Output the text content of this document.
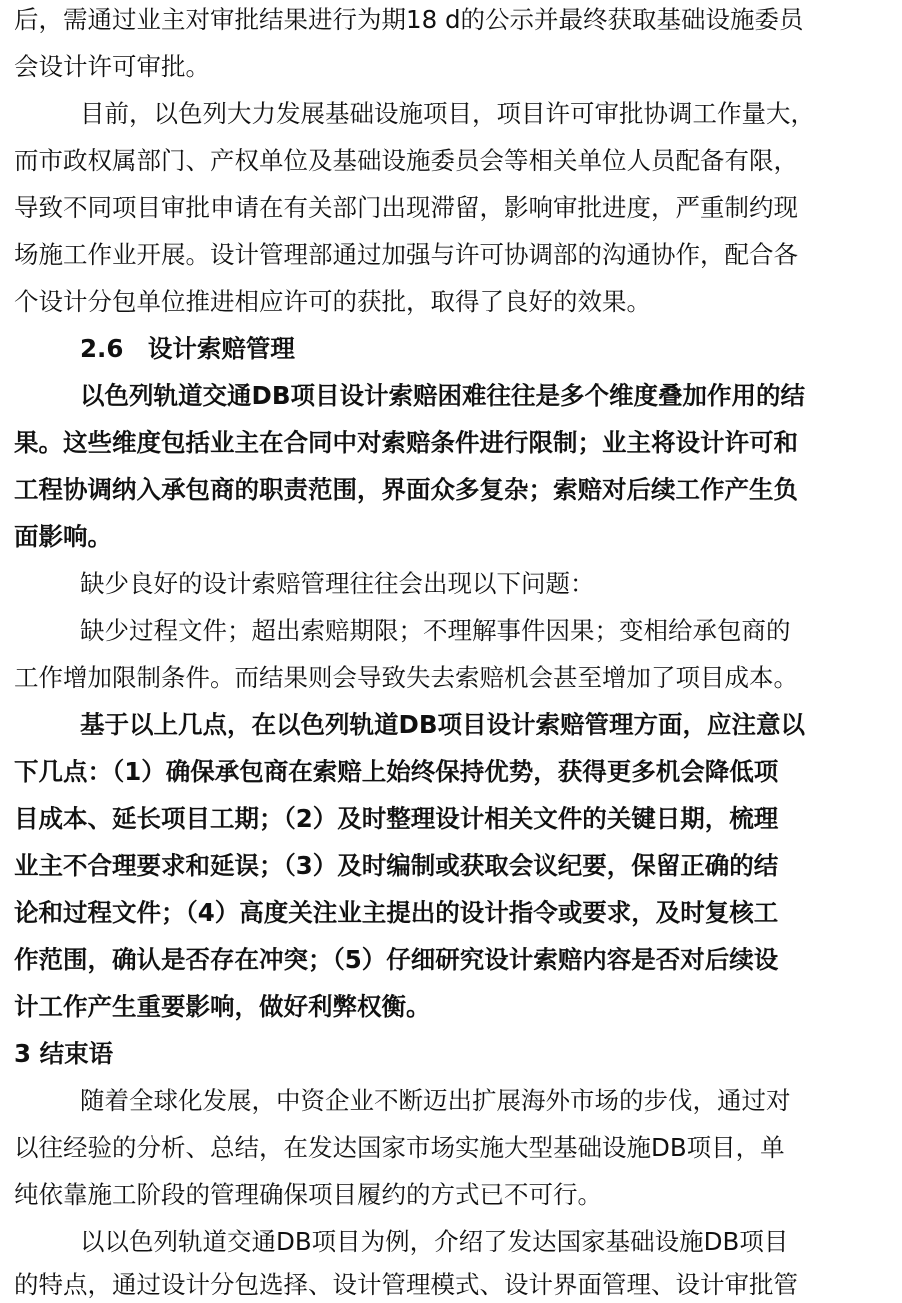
后，需通过业主对审批结果进行为期18 d的公示并最终获取基础设施委员
会设计许可审批。
目前，以色列大力发展基础设施项目，项目许可审批协调工作量大，
而市政权属部门、产权单位及基础设施委员会等相关单位人员配备有限，
导致不同项目审批申请在有关部门出现滞留，影响审批进度，严重制约现
场施工作业开展。设计管理部通过加强与许可协调部的沟通协作，配合各
个设计分包单位推进相应许可的获批，取得了良好的效果。
2.6　设计索赔管理
以色列轨道交通DB项目设计索赔困难往往是多个维度叠加作用的结
果。这些维度包括业主在合同中对索赔条件进行限制；业主将设计许可和
工程协调纳入承包商的职责范围，界面众多复杂；索赔对后续工作产生负
面影响。
缺少良好的设计索赔管理往往会出现以下问题：
缺少过程文件；超出索赔期限；不理解事件因果；变相给承包商的
工作增加限制条件。而结果则会导致失去索赔机会甚至增加了项目成本。
基于以上几点，在以色列轨道DB项目设计索赔管理方面，应注意以
下几点：（1）确保承包商在索赔上始终保持优势，获得更多机会降低项
目成本、延长项目工期；（2）及时整理设计相关文件的关键日期，梳理
业主不合理要求和延误；（3）及时编制或获取会议纪要，保留正确的结
论和过程文件；（4）高度关注业主提出的设计指令或要求，及时复核工
作范围，确认是否存在冲突；（5）仔细研究设计索赔内容是否对后续设
计工作产生重要影响，做好利弊权衡。
3 结束语
随着全球化发展，中资企业不断迈出扩展海外市场的步伐，通过对
以往经验的分析、总结，在发达国家市场实施大型基础设施DB项目，单
纯依靠施工阶段的管理确保项目履约的方式已不可行。
以以色列轨道交通DB项目为例，介绍了发达国家基础设施DB项目
的特点，通过设计分包选择、设计管理模式、设计界面管理、设计审批管
